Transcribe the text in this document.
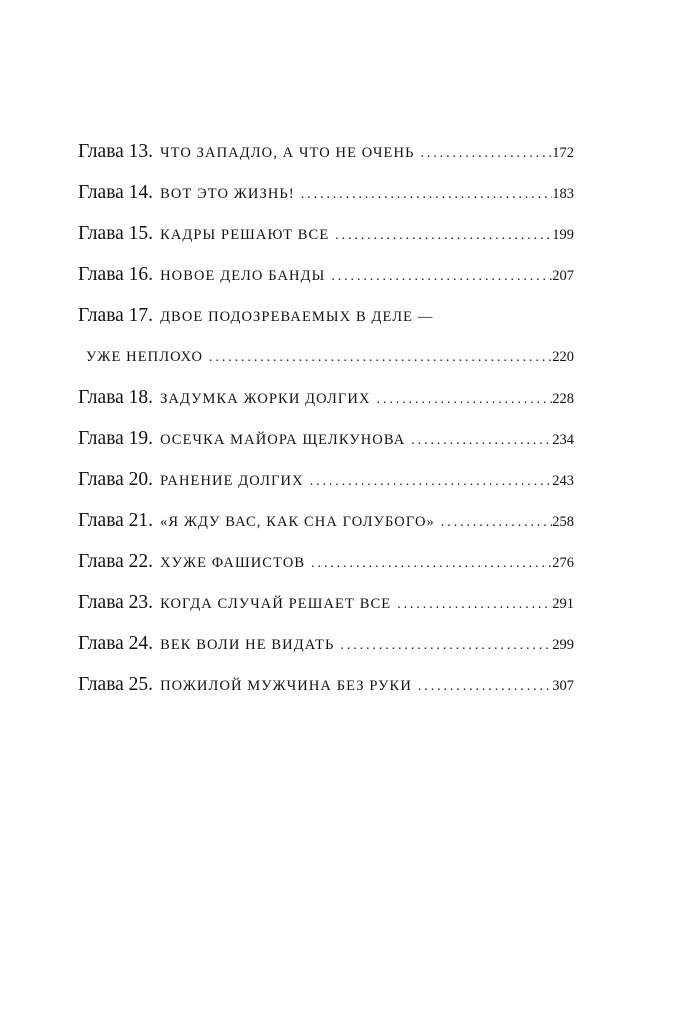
Глава 13. ЧТО ЗАПАДЛО, А ЧТО НЕ ОЧЕНЬ . . .	172
Глава 14. ВОТ ЭТО ЖИЗНЬ! . . .	183
Глава 15. КАДРЫ РЕШАЮТ ВСЕ . . .	199
Глава 16. НОВОЕ ДЕЛО БАНДЫ . . .	207
Глава 17. ДВОЕ ПОДОЗРЕВАЕМЫХ В ДЕЛЕ —
УЖЕ НЕПЛОХО . . .	220
Глава 18. ЗАДУМКА ЖОРКИ ДОЛГИХ . . .	228
Глава 19. ОСЕЧКА МАЙОРА ЩЕЛКУНОВА . . .	234
Глава 20. РАНЕНИЕ ДОЛГИХ . . .	243
Глава 21. «Я ЖДУ ВАС, КАК СНА ГОЛУБОГО» . . .	258
Глава 22. ХУЖЕ ФАШИСТОВ . . .	276
Глава 23. КОГДА СЛУЧАЙ РЕШАЕТ ВСЕ . . .	291
Глава 24. ВЕК ВОЛИ НЕ ВИДАТЬ . . .	299
Глава 25. ПОЖИЛОЙ МУЖЧИНА БЕЗ РУКИ . . .	307
